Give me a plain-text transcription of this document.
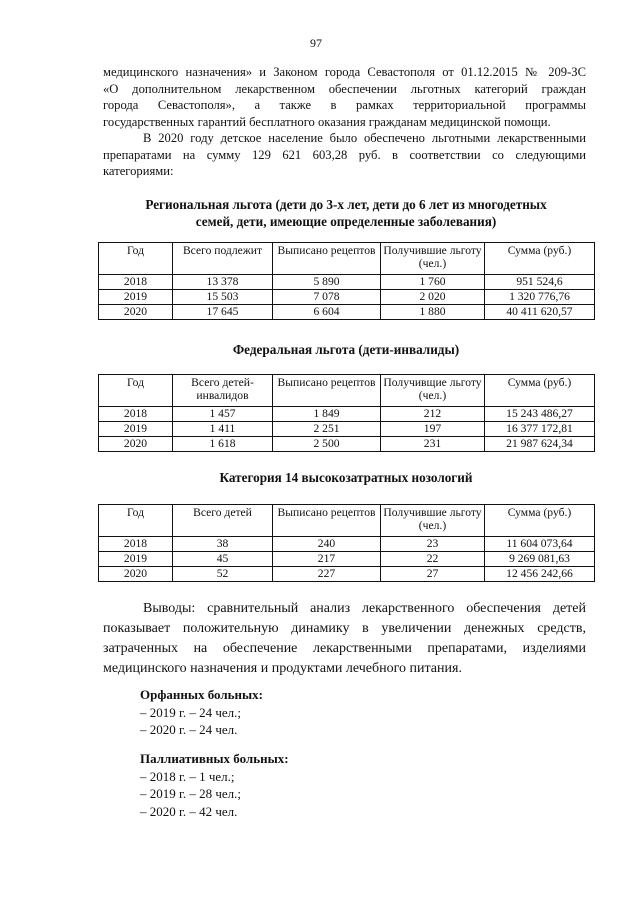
97

медицинского назначения» и Законом города Севастополя от 01.12.2015 № 209-ЗС
«О дополнительном лекарственном обеспечении льготных категорий граждан
города Севастополя», а также в рамках территориальной программы
государственных гарантий бесплатного оказания гражданам медицинской помощи.

В 2020 году детское население было обеспечено льготными лекарственными
препаратами на сумму 129 621 603,28 руб. в соответствии со следующими
категориями:

Региональная льгота (дети до 3-х лет, дети до 6 лет из многодетных
семей, дети, имеющие определенные заболевания)
Год	Всего подлежит	Выписано рецептов	Получившие льготу (чел.)	Сумма (руб.)
2018	13 378	5 890	1 760	951 524,6
2019	15 503	7 078	2 020	1 320 776,76
2020	17 645	6 604	1 880	40 411 620,57
Федеральная льгота (дети-инвалиды)
Год	Всего детей-инвалидов	Выписано рецептов	Получивщие льготу (чел.)	Сумма (руб.)
2018	1 457	1 849	212	15 243 486,27
2019	1 411	2 251	197	16 377 172,81
2020	1 618	2 500	231	21 987 624,34
Категория 14 высокозатратных нозологий
Год	Всего детей	Выписано рецептов	Получившие льготу (чел.)	Сумма (руб.)
2018	38	240	23	11 604 073,64
2019	45	217	22	9 269 081,63
2020	52	227	27	12 456 242,66

Выводы: сравнительный анализ лекарственного обеспечения детей
показывает положительную динамику в увеличении денежных средств,
затраченных на обеспечение лекарственными препаратами, изделиями
медицинского назначения и продуктами лечебного питания.

Орфанных больных:
– 2019 г. – 24 чел.;
– 2020 г. – 24 чел.
Паллиативных больных:
– 2018 г. – 1 чел.;
– 2019 г. – 28 чел.;
– 2020 г. – 42 чел.
